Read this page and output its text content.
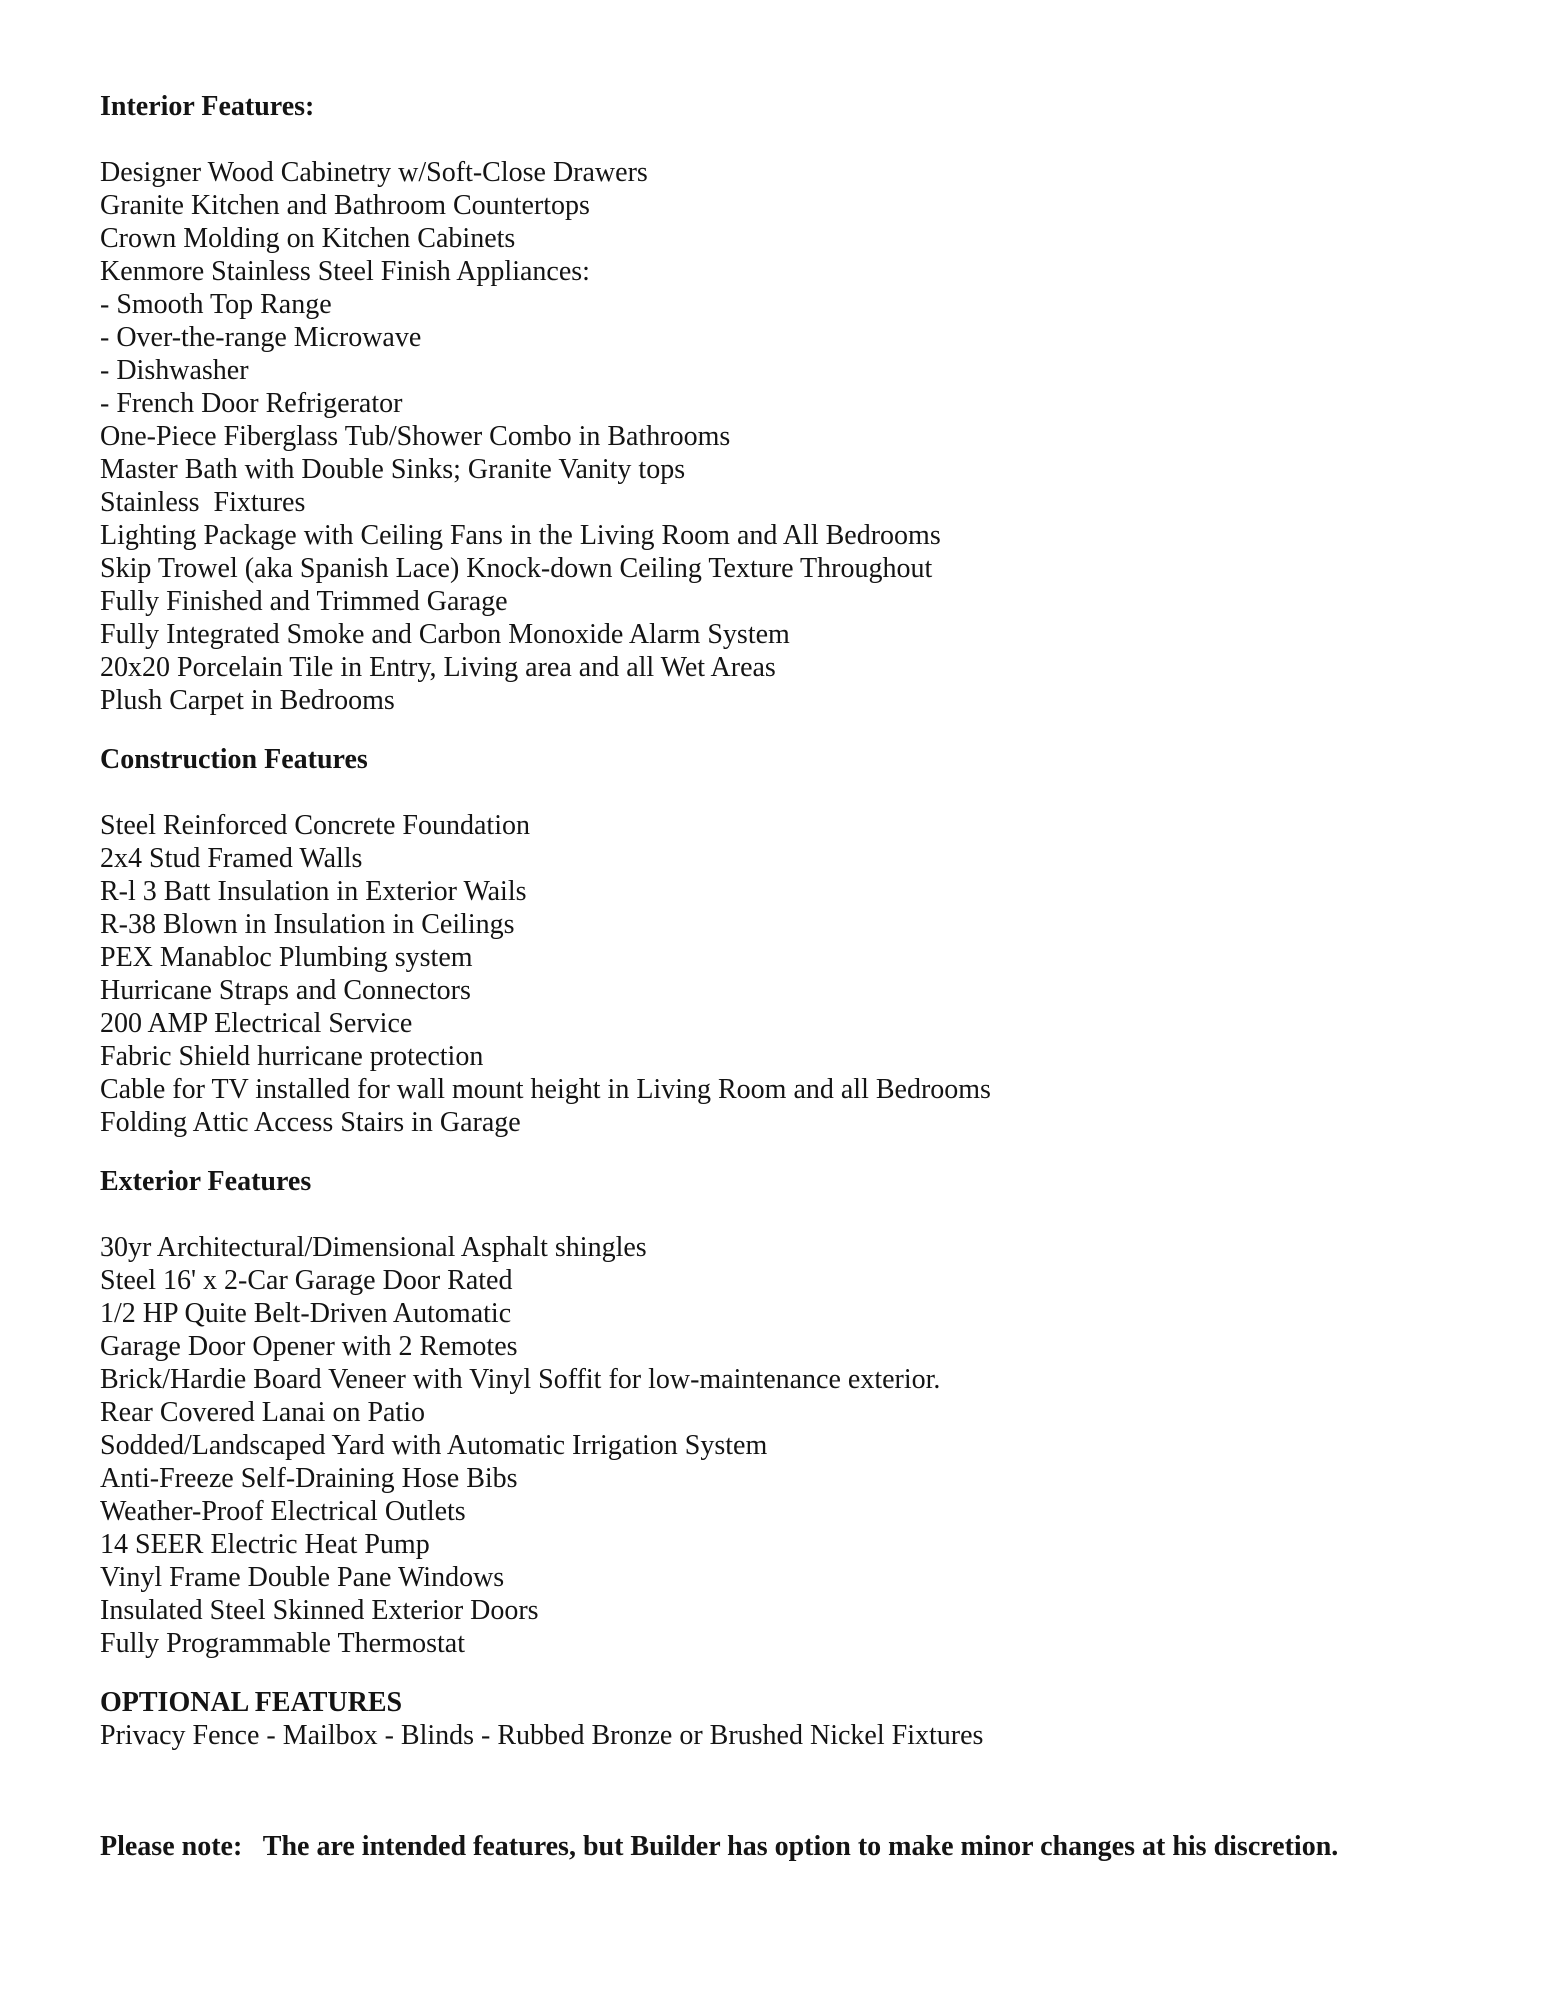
Interior Features:

Designer Wood Cabinetry w/Soft-Close Drawers

Granite Kitchen and Bathroom Countertops

Crown Molding on Kitchen Cabinets

Kenmore Stainless Steel Finish Appliances:

- Smooth Top Range

- Over-the-range Microwave

- Dishwasher

- French Door Refrigerator

One-Piece Fiberglass Tub/Shower Combo in Bathrooms

Master Bath with Double Sinks; Granite Vanity tops

Stainless  Fixtures

Lighting Package with Ceiling Fans in the Living Room and All Bedrooms

Skip Trowel (aka Spanish Lace) Knock-down Ceiling Texture Throughout

Fully Finished and Trimmed Garage

Fully Integrated Smoke and Carbon Monoxide Alarm System

20x20 Porcelain Tile in Entry, Living area and all Wet Areas

Plush Carpet in Bedrooms

Construction Features

Steel Reinforced Concrete Foundation

2x4 Stud Framed Walls

R-l 3 Batt Insulation in Exterior Wails

R-38 Blown in Insulation in Ceilings

PEX Manabloc Plumbing system

Hurricane Straps and Connectors

200 AMP Electrical Service

Fabric Shield hurricane protection

Cable for TV installed for wall mount height in Living Room and all Bedrooms

Folding Attic Access Stairs in Garage

Exterior Features

30yr Architectural/Dimensional Asphalt shingles

Steel 16' x 2-Car Garage Door Rated

1/2 HP Quite Belt-Driven Automatic

Garage Door Opener with 2 Remotes

Brick/Hardie Board Veneer with Vinyl Soffit for low-maintenance exterior.

Rear Covered Lanai on Patio

Sodded/Landscaped Yard with Automatic Irrigation System

Anti-Freeze Self-Draining Hose Bibs

Weather-Proof Electrical Outlets

14 SEER Electric Heat Pump

Vinyl Frame Double Pane Windows

Insulated Steel Skinned Exterior Doors

Fully Programmable Thermostat

OPTIONAL FEATURES

Privacy Fence - Mailbox - Blinds - Rubbed Bronze or Brushed Nickel Fixtures

Please note:   The are intended features, but Builder has option to make minor changes at his discretion.
